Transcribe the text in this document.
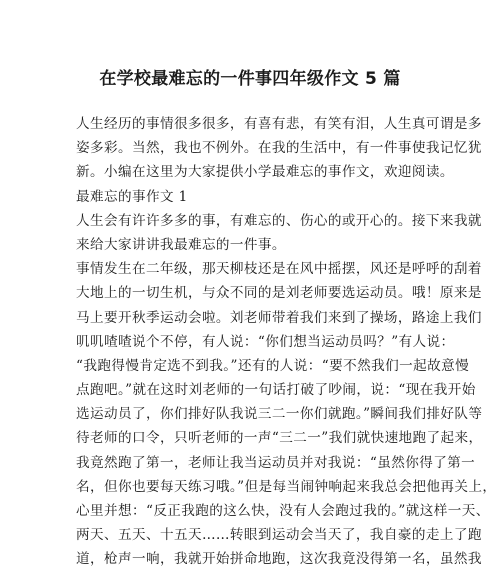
在学校最难忘的一件事四年级作文 5 篇
人生经历的事情很多很多，有喜有悲，有笑有泪，人生真可谓是多
姿多彩。当然，我也不例外。在我的生活中，有一件事使我记忆犹
新。小编在这里为大家提供小学最难忘的事作文，欢迎阅读。
最难忘的事作文 1
人生会有许许多多的事，有难忘的、伤心的或开心的。接下来我就
来给大家讲讲我最难忘的一件事。
事情发生在二年级，那天柳枝还是在风中摇摆，风还是呼呼的刮着
大地上的一切生机，与众不同的是刘老师要选运动员。哦！原来是
马上要开秋季运动会啦。刘老师带着我们来到了操场，路途上我们
叽叽喳喳说个不停，有人说：“你们想当运动员吗？”有人说：
“我跑得慢肯定选不到我。”还有的人说：“要不然我们一起故意慢
点跑吧。”就在这时刘老师的一句话打破了吵闹，说：“现在我开始
选运动员了，你们排好队我说三二一你们就跑。”瞬间我们排好队等
待老师的口令，只听老师的一声“三二一”我们就快速地跑了起来，
我竟然跑了第一，老师让我当运动员并对我说：“虽然你得了第一
名，但你也要每天练习哦。”但是每当闹钟响起来我总会把他再关上，
心里并想：“反正我跑的这么快，没有人会跑过我的。”就这样一天、
两天、五天、十五天……转眼到运动会当天了，我自豪的走上了跑
道，枪声一响，我就开始拼命地跑，这次我竟没得第一名，虽然我
